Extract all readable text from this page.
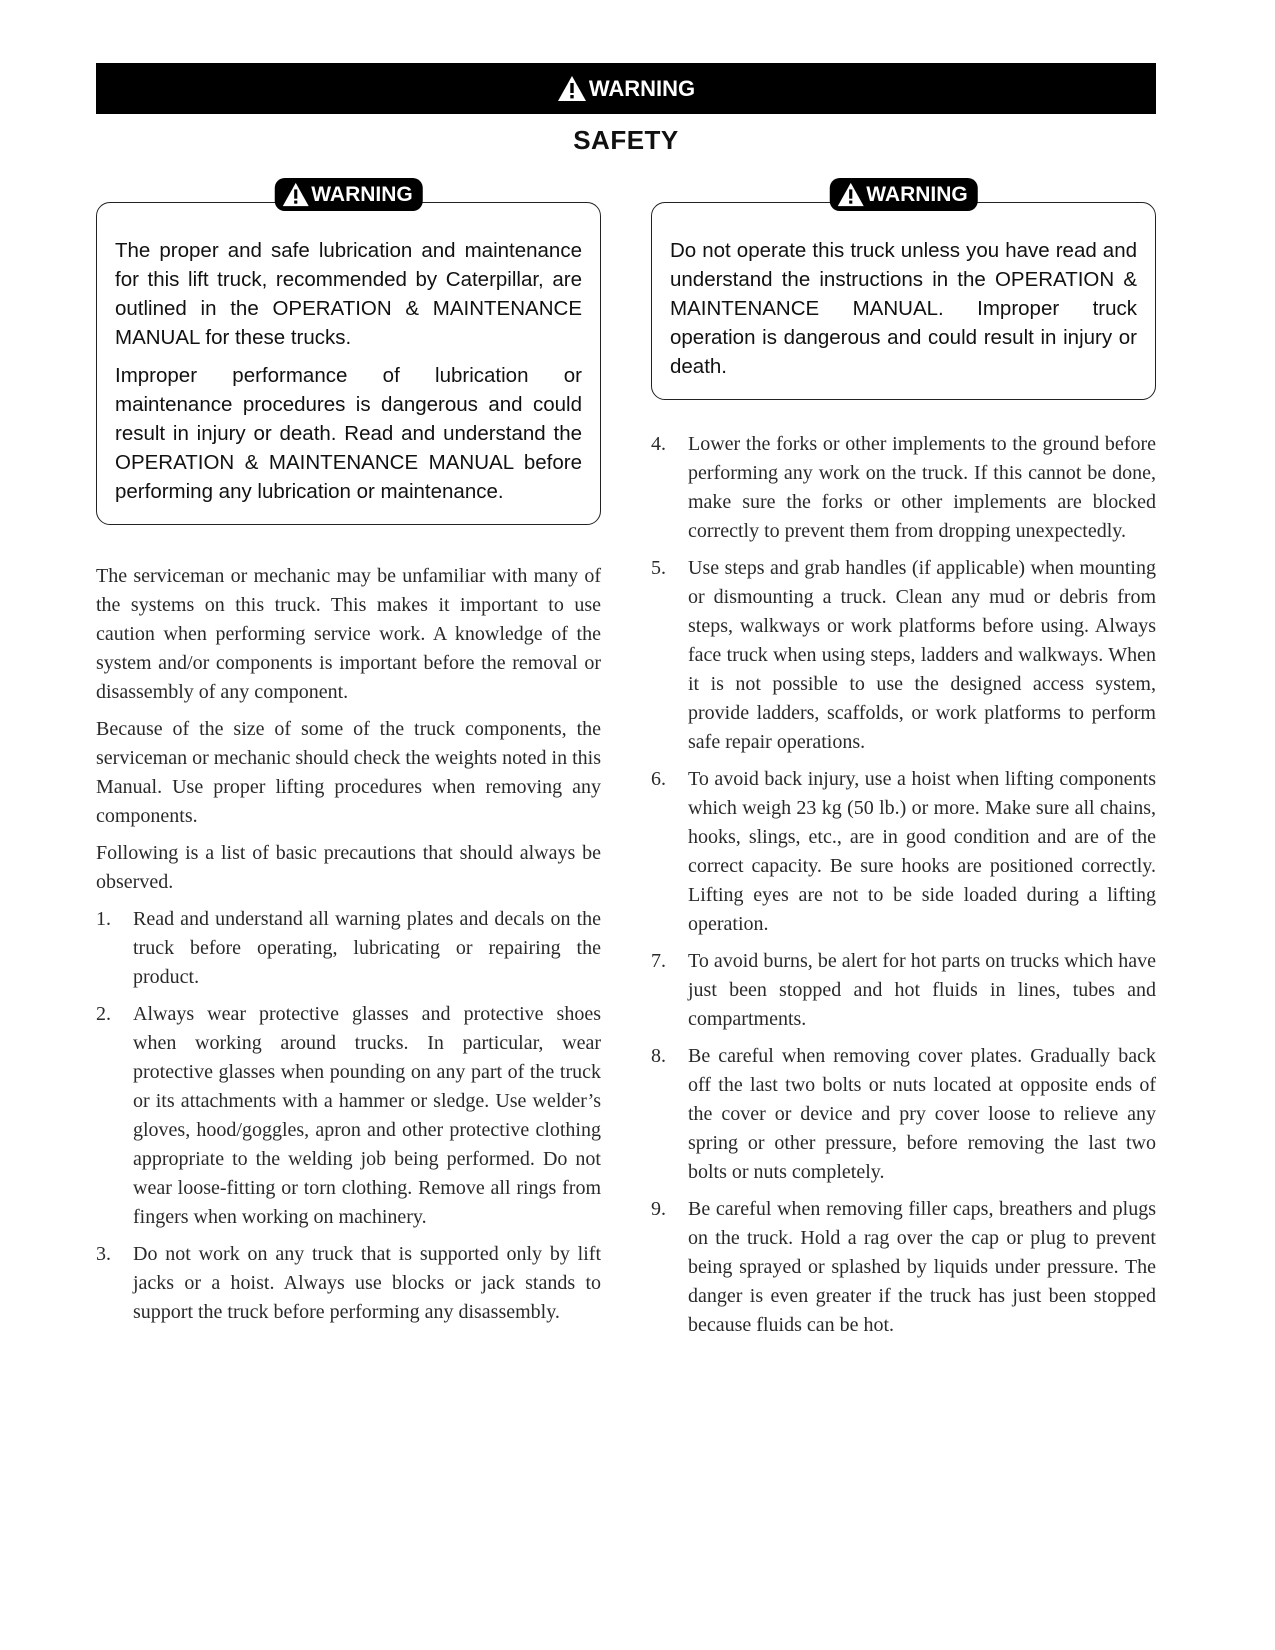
WARNING
SAFETY
WARNING

The proper and safe lubrication and maintenance for this lift truck, recommended by Caterpillar, are outlined in the OPERATION & MAINTENANCE MANUAL for these trucks.

Improper performance of lubrication or maintenance procedures is dangerous and could result in injury or death. Read and understand the OPERATION & MAINTENANCE MANUAL before performing any lubrication or maintenance.

The serviceman or mechanic may be unfamiliar with many of the systems on this truck. This makes it important to use caution when performing service work. A knowledge of the system and/or components is important before the removal or disassembly of any component.

Because of the size of some of the truck components, the serviceman or mechanic should check the weights noted in this Manual. Use proper lifting procedures when removing any components.

Following is a list of basic precautions that should always be observed.

1.	Read and understand all warning plates and decals on the truck before operating, lubricating or repairing the product.
2.	Always wear protective glasses and protective shoes when working around trucks. In particular, wear protective glasses when pounding on any part of the truck or its attachments with a hammer or sledge. Use welder’s gloves, hood/goggles, apron and other protective clothing appropriate to the welding job being performed. Do not wear loose-fitting or torn clothing. Remove all rings from fingers when working on machinery.
3.	Do not work on any truck that is supported only by lift jacks or a hoist. Always use blocks or jack stands to support the truck before performing any disassembly.
WARNING

Do not operate this truck unless you have read and understand the instructions in the OPERATION & MAINTENANCE MANUAL. Improper truck operation is dangerous and could result in injury or death.

4.	Lower the forks or other implements to the ground before performing any work on the truck. If this cannot be done, make sure the forks or other implements are blocked correctly to prevent them from dropping unexpectedly.
5.	Use steps and grab handles (if applicable) when mounting or dismounting a truck. Clean any mud or debris from steps, walkways or work platforms before using. Always face truck when using steps, ladders and walkways. When it is not possible to use the designed access system, provide ladders, scaffolds, or work platforms to perform safe repair operations.
6.	To avoid back injury, use a hoist when lifting components which weigh 23 kg (50 lb.) or more. Make sure all chains, hooks, slings, etc., are in good condition and are of the correct capacity. Be sure hooks are positioned correctly. Lifting eyes are not to be side loaded during a lifting operation.
7.	To avoid burns, be alert for hot parts on trucks which have just been stopped and hot fluids in lines, tubes and compartments.
8.	Be careful when removing cover plates. Gradually back off the last two bolts or nuts located at opposite ends of the cover or device and pry cover loose to relieve any spring or other pressure, before removing the last two bolts or nuts completely.
9.	Be careful when removing filler caps, breathers and plugs on the truck. Hold a rag over the cap or plug to prevent being sprayed or splashed by liquids under pressure. The danger is even greater if the truck has just been stopped because fluids can be hot.
